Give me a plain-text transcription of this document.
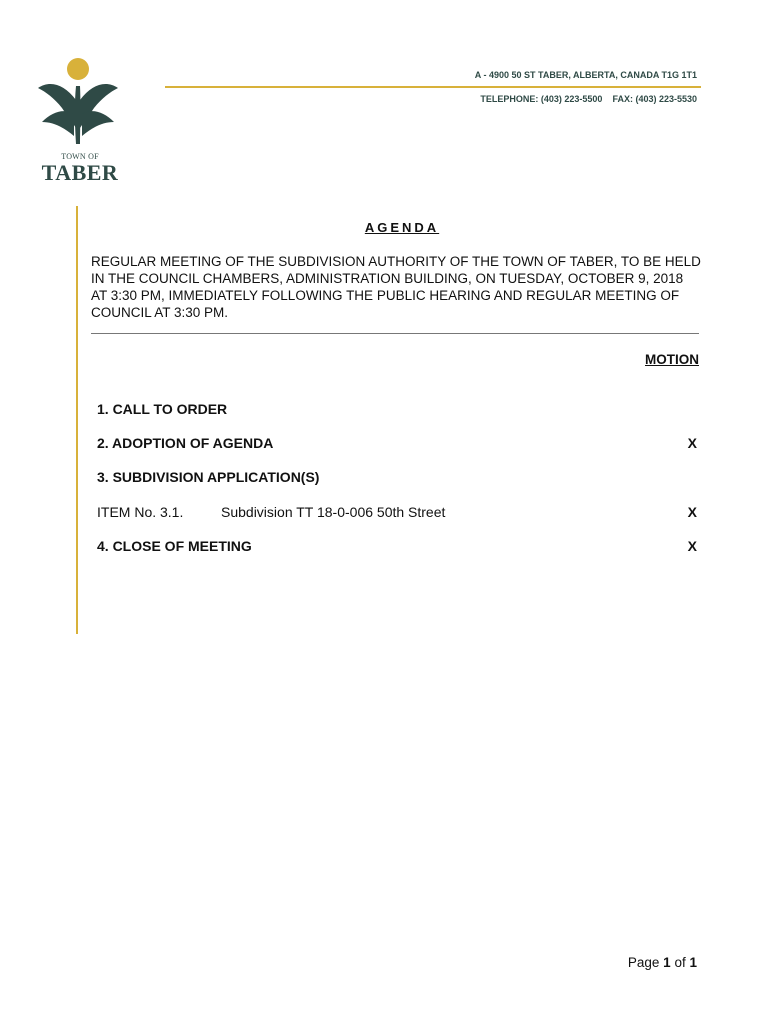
TOWN OF
TABER
A - 4900 50 ST TABER, ALBERTA, CANADA T1G 1T1
TELEPHONE: (403) 223-5500 FAX: (403) 223-5530
AGENDA
REGULAR MEETING OF THE SUBDIVISION AUTHORITY OF THE TOWN OF TABER, TO BE HELD IN THE COUNCIL CHAMBERS, ADMINISTRATION BUILDING, ON TUESDAY, OCTOBER 9, 2018 AT 3:30 PM, IMMEDIATELY FOLLOWING THE PUBLIC HEARING AND REGULAR MEETING OF COUNCIL AT 3:30 PM.
MOTION
1. CALL TO ORDER
2. ADOPTION OF AGENDA	X
3. SUBDIVISION APPLICATION(S)
ITEM No. 3.1.	Subdivision TT 18-0-006 50th Street	X
4. CLOSE OF MEETING	X
Page 1 of 1
